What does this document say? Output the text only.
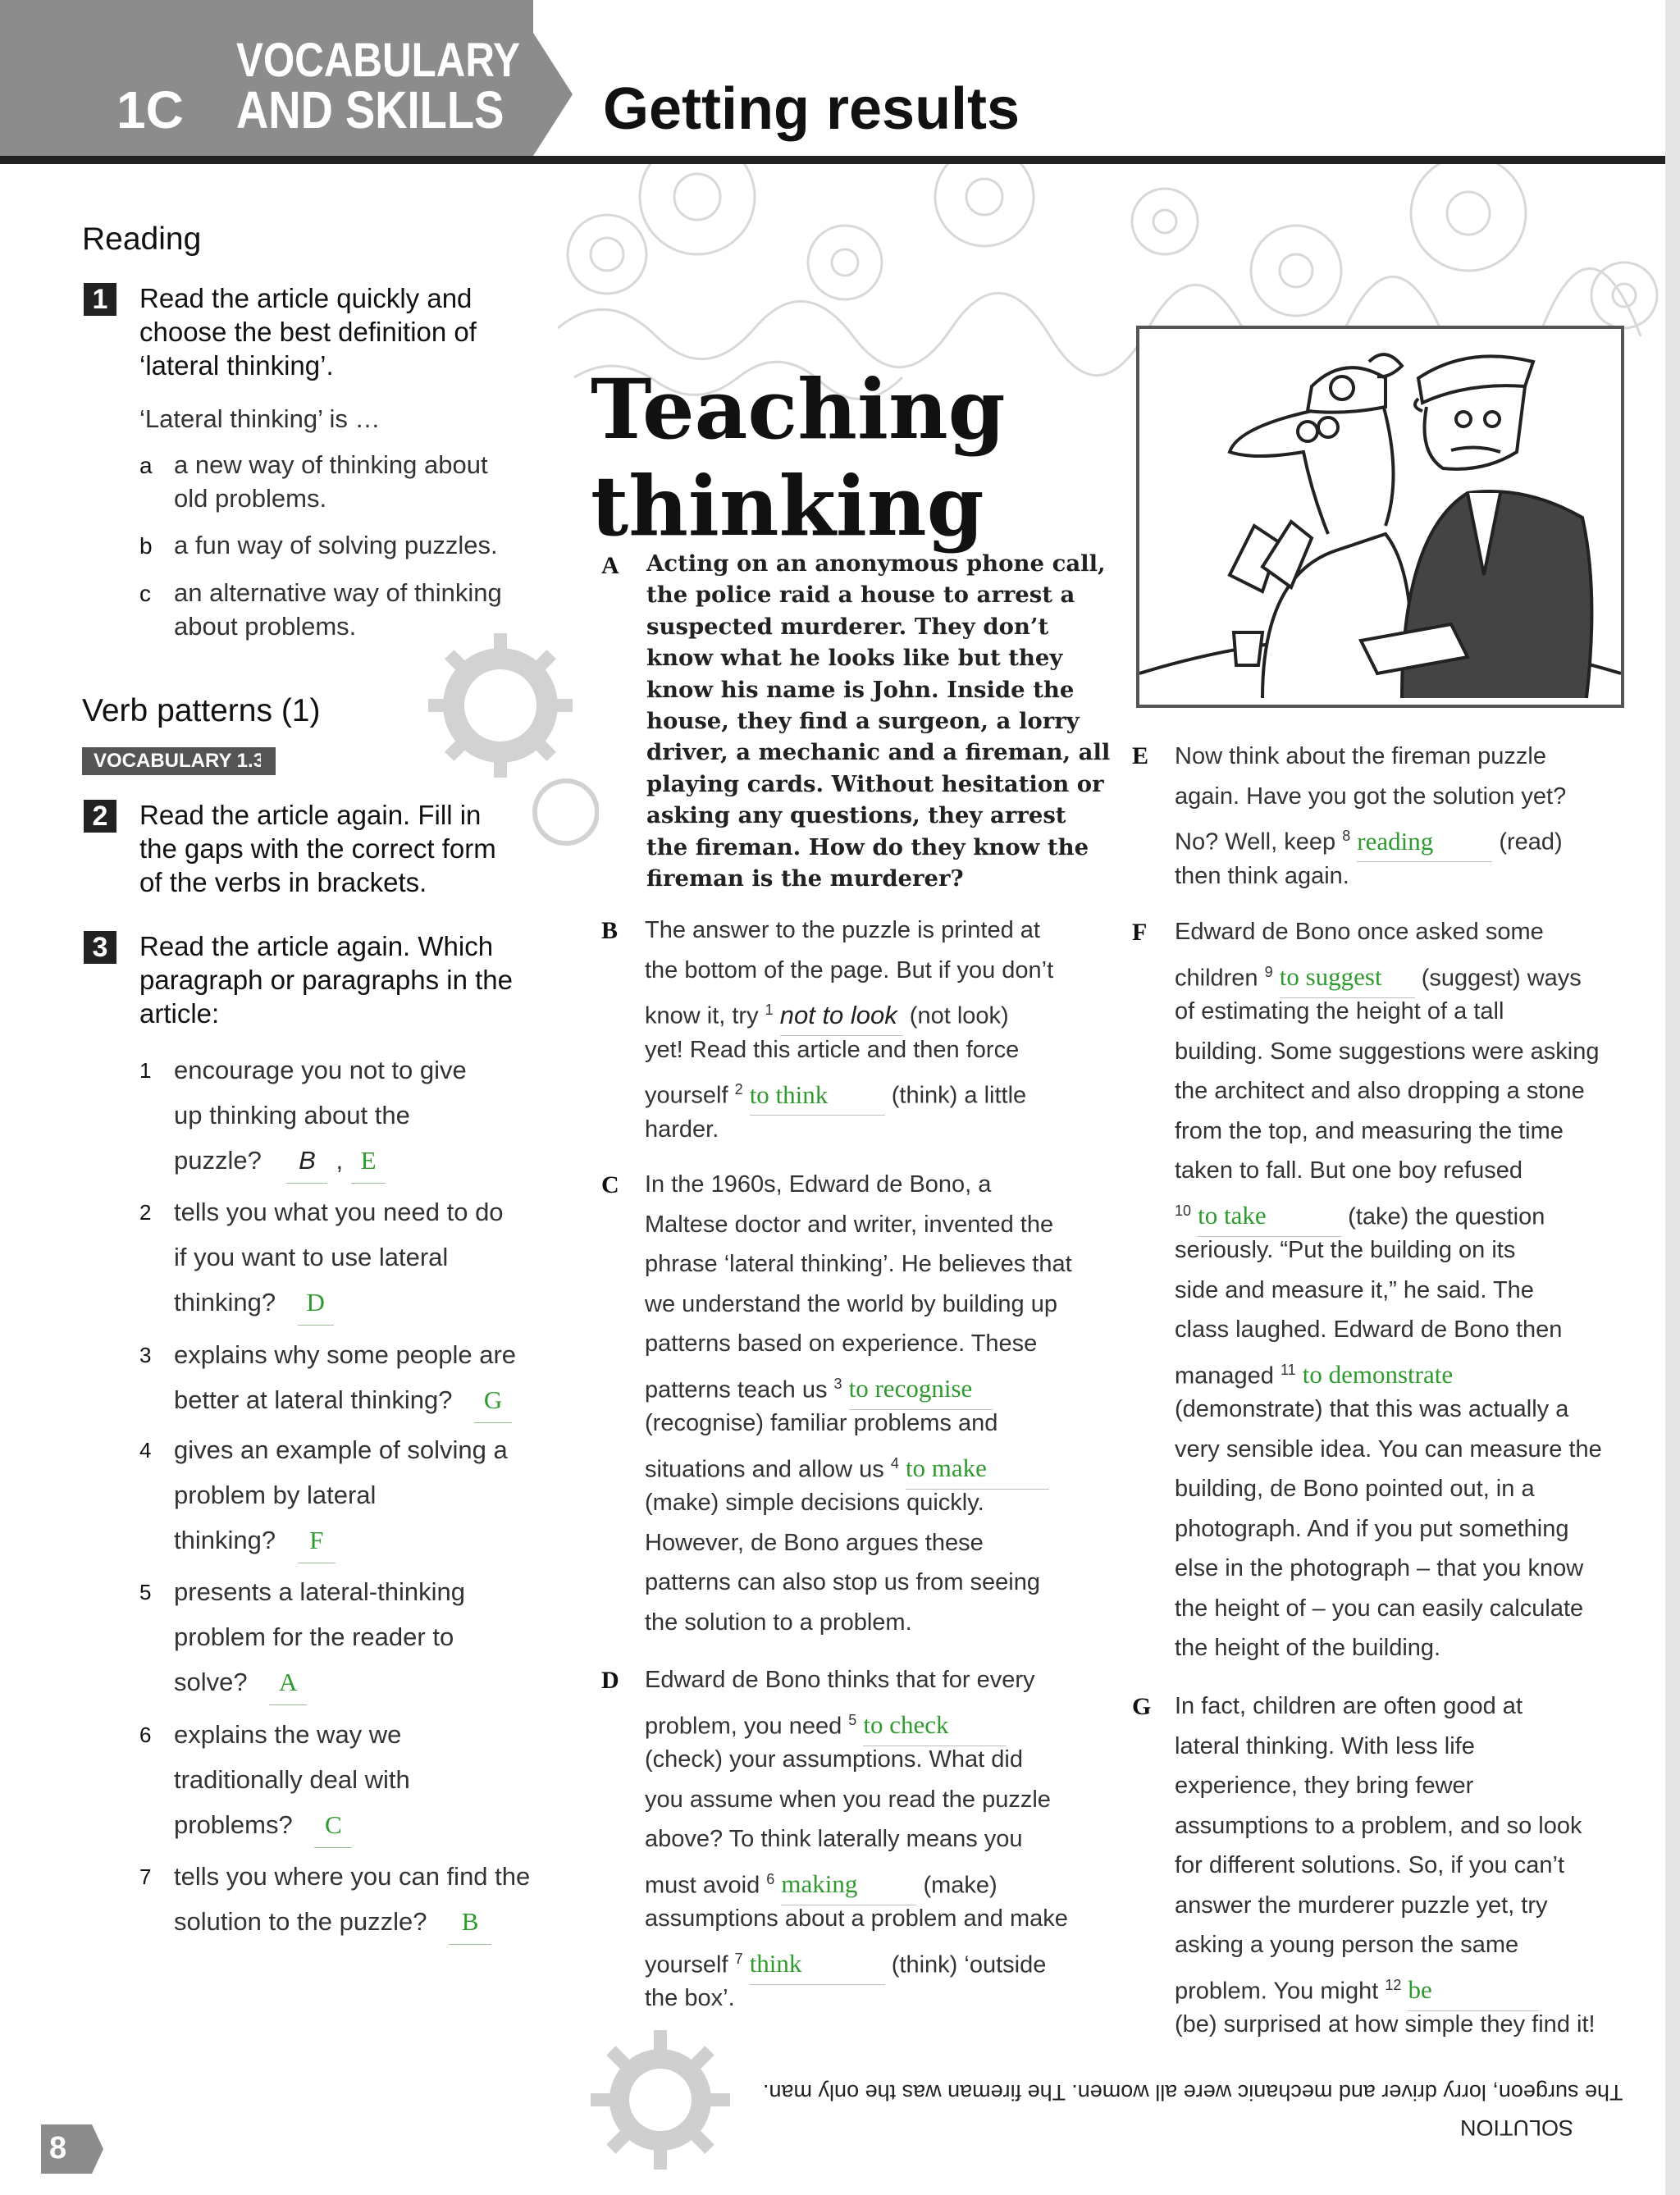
1C
VOCABULARY
AND SKILLS Getting results
Reading
1	Read the article quickly and
choose the best definition of
‘lateral thinking’.
‘Lateral thinking’ is …
a a new way of thinking about
old problems.
b a fun way of solving puzzles.
c an alternative way of thinking
about problems.
Verb patterns (1)
VOCABULARY 1.3
2	Read the article again. Fill in
the gaps with the correct form
of the verbs in brackets.
3	Read the article again. Which
paragraph or paragraphs in the
article:
1 encourage you not to give
up thinking about the
puzzle? B , E
2 tells you what you need to do
if you want to use lateral
thinking? D
3 explains why some people are
better at lateral thinking? G
4 gives an example of solving a
problem by lateral
thinking? F
5 presents a lateral-thinking
problem for the reader to
solve? A
6 explains the way we
traditionally deal with
problems? C
7 tells you where you can find the
solution to the puzzle? B
Teaching
thinking
A Acting on an anonymous phone call,
the police raid a house to arrest a
suspected murderer. They don’t
know what he looks like but they
know his name is John. Inside the
house, they find a surgeon, a lorry
driver, a mechanic and a fireman, all
playing cards. Without hesitation or
asking any questions, they arrest
the fireman. How do they know the
fireman is the murderer?
B The answer to the puzzle is printed at
the bottom of the page. But if you don’t
know it, try $^1$ not to look (not look)
yet! Read this article and then force
yourself $^2$ to think	(think) a little
harder.
C In the 1960s, Edward de Bono, a
Maltese doctor and writer, invented the
phrase ‘lateral thinking’. He believes that
we understand the world by building up
patterns based on experience. These
patterns teach us $^3$ to recognise
(recognise) familiar problems and
situations and allow us $^4$ to make
(make) simple decisions quickly.
However, de Bono argues these
patterns can also stop us from seeing
the solution to a problem.
D Edward de Bono thinks that for every
problem, you need $^5$ to check
(check) your assumptions. What did
you assume when you read the puzzle
above? To think laterally means you
must avoid $^6$ making	(make)
assumptions about a problem and make
yourself $^7$ think	(think) ‘outside
the box’.
E Now think about the fireman puzzle
again. Have you got the solution yet?
No? Well, keep $^8$ reading	(read)
then think again.
F Edward de Bono once asked some
children $^9$ to suggest (suggest) ways
of estimating the height of a tall
building. Some suggestions were asking
the architect and also dropping a stone
from the top, and measuring the time
taken to fall. But one boy refused
$^{10}$ to take	(take) the question
seriously. “Put the building on its
side and measure it,” he said. The
class laughed. Edward de Bono then
managed $^{11}$ to demonstrate
(demonstrate) that this was actually a
very sensible idea. You can measure the
building, de Bono pointed out, in a
photograph. And if you put something
else in the photograph – that you know
the height of – you can easily calculate
the height of the building.
G In fact, children are often good at
lateral thinking. With less life
experience, they bring fewer
assumptions to a problem, and so look
for different solutions. So, if you can’t
answer the murderer puzzle yet, try
asking a young person the same
problem. You might $^{12}$ be
(be) surprised at how simple they find it!
The surgeon, lorry driver and mechanic were all women. The fireman was the only man.
SOLUTION
8
